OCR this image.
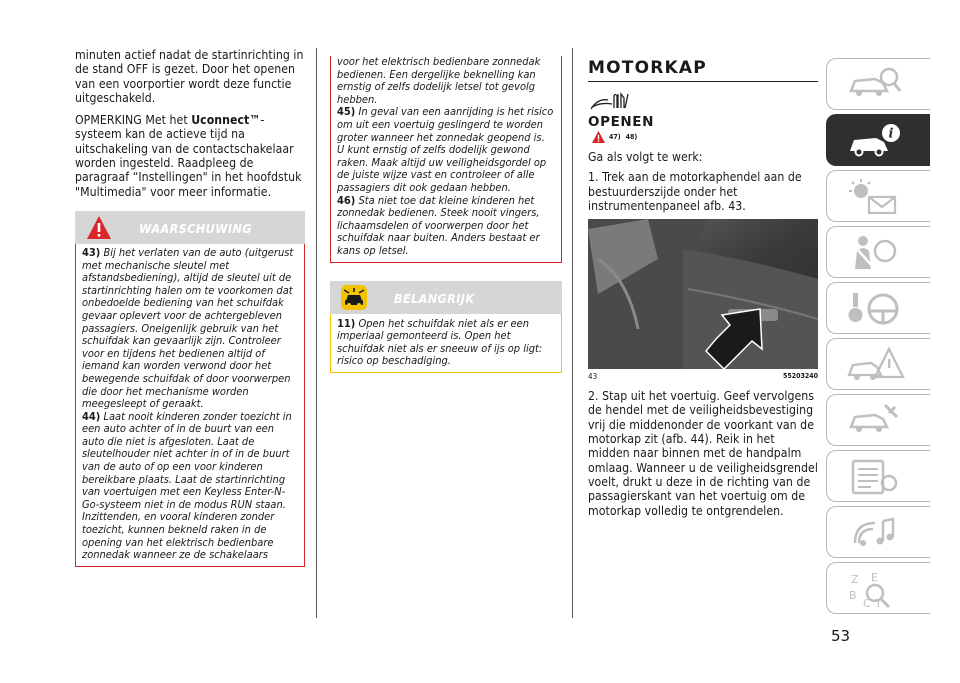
minuten actief nadat de startinrichting in de stand OFF is gezet. Door het openen van een voorportier wordt deze functie uitgeschakeld.

OPMERKING Met het Uconnect™-systeem kan de actieve tijd na uitschakeling van de contactschakelaar worden ingesteld. Raadpleeg de paragraaf “Instellingen" in het hoofdstuk "Multimedia" voor meer informatie.

WAARSCHUWING

43) Bij het verlaten van de auto (uitgerust met mechanische sleutel met afstandsbediening), altijd de sleutel uit de startinrichting halen om te voorkomen dat onbedoelde bediening van het schuifdak gevaar oplevert voor de achtergebleven passagiers. Oneigenlijk gebruik van het schuifdak kan gevaarlijk zijn. Controleer voor en tijdens het bedienen altijd of iemand kan worden verwond door het bewegende schuifdak of door voorwerpen die door het mechanisme worden meegesleept of geraakt.

44) Laat nooit kinderen zonder toezicht in een auto achter of in de buurt van een auto die niet is afgesloten. Laat de sleutelhouder niet achter in of in de buurt van de auto of op een voor kinderen bereikbare plaats. Laat de startinrichting van voertuigen met een Keyless Enter-N-Go-systeem niet in de modus RUN staan. Inzittenden, en vooral kinderen zonder toezicht, kunnen bekneld raken in de opening van het elektrisch bedienbare zonnedak wanneer ze de schakelaars

voor het elektrisch bedienbare zonnedak bedienen. Een dergelijke beknelling kan ernstig of zelfs dodelijk letsel tot gevolg hebben.

45) In geval van een aanrijding is het risico om uit een voertuig geslingerd te worden groter wanneer het zonnedak geopend is. U kunt ernstig of zelfs dodelijk gewond raken. Maak altijd uw veiligheidsgordel op de juiste wijze vast en controleer of alle passagiers dit ook gedaan hebben.

46) Sta niet toe dat kleine kinderen het zonnedak bedienen. Steek nooit vingers, lichaamsdelen of voorwerpen door het schuifdak naar buiten. Anders bestaat er kans op letsel.

BELANGRIJK

11) Open het schuifdak niet als er een imperiaal gemonteerd is. Open het schuifdak niet als er sneeuw of ijs op ligt: risico op beschadiging.

MOTORKAP
OPENEN
47) 48)

Ga als volgt te werk:

1. Trek aan de motorkaphendel aan de bestuurderszijde onder het instrumentenpaneel afb. 43.

43	55203240

2. Stap uit het voertuig. Geef vervolgens de hendel met de veiligheidsbevestiging vrij die middenonder de voorkant van de motorkap zit (afb. 44). Reik in het midden naar binnen met de handpalm omlaag. Wanneer u de veiligheidsgrendel voelt, drukt u deze in de richting van de passagierskant van het voertuig om de motorkap volledig te ontgrendelen.

53
i
Z E
B
C T
